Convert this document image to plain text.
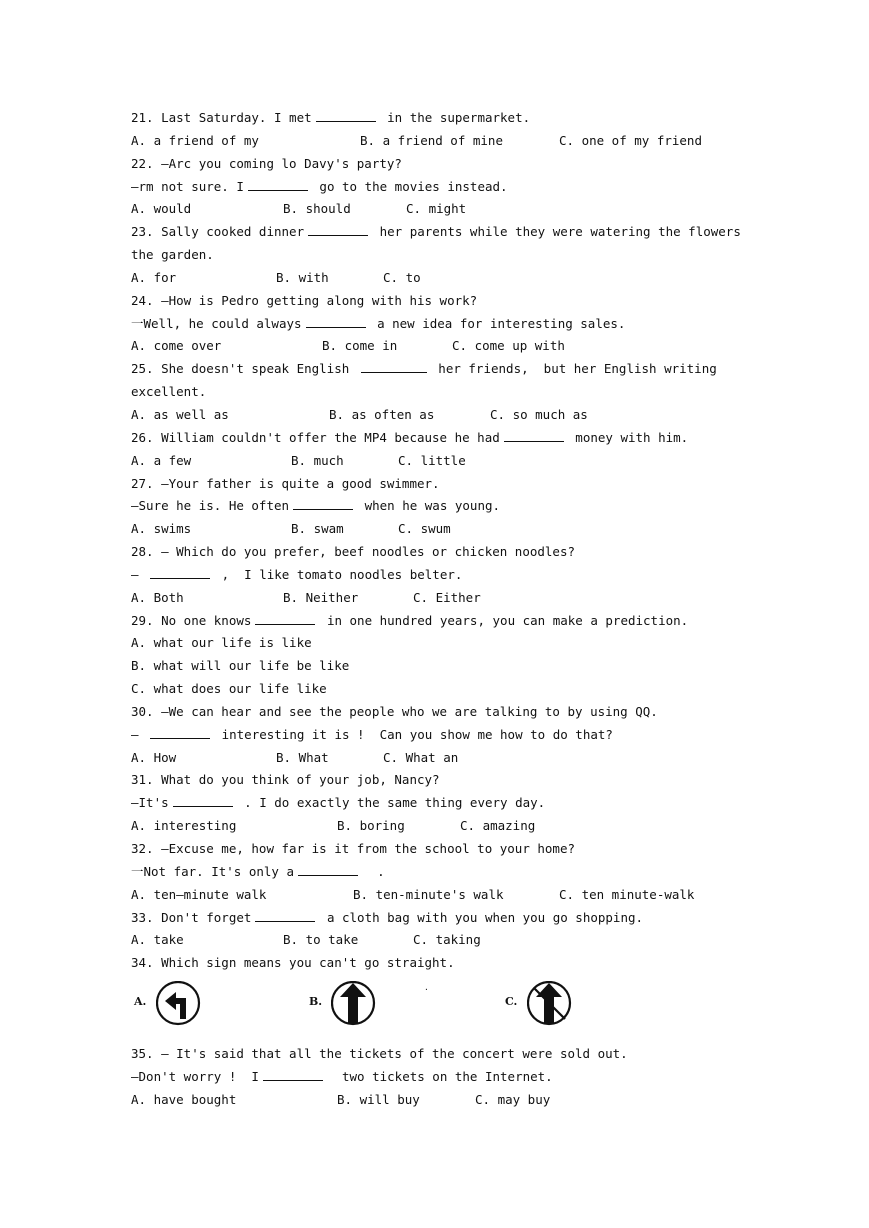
21. Last Saturday. I met	in the supermarket.
A. a friend of my	B. a friend of mine	C. one of my friend
22. —Arc you coming lo Davy's party?
—rm not sure. I	go to the movies instead.
A. would	B. should	C. might
23. Sally cooked dinner	her parents while they were watering the flowers
the garden.
A. for	B. with	C. to
24. —How is Pedro getting along with his work?
一Well, he could always	a new idea for interesting sales.
A. come over	B. come in	C. come up with
25. She doesn't speak English	her friends,  but her English writing
excellent.
A. as well as	B. as often as	C. so much as
26. William couldn't offer the MP4 because he had	money with him.
A. a few	B. much	C. little
27. —Your father is quite a good swimmer.
—Sure he is. He often	when he was young.
A. swims	B. swam	C. swum
28. — Which do you prefer, beef noodles or chicken noodles?
—	,  I like tomato noodles belter.
A. Both	B. Neither	C. Either
29. No one knows	in one hundred years, you can make a prediction.
A. what our life is like
B. what will our life be like
C. what does our life like
30. —We can hear and see the people who we are talking to by using QQ.
—	interesting it is !  Can you show me how to do that?
A. How	B. What	C. What an
31. What do you think of your job, Nancy?
—It's	. I do exactly the same thing every day.
A. interesting	B. boring	C. amazing
32. —Excuse me, how far is it from the school to your home?
一Not far. It's only a	.
A. ten—minute walk	B. ten-minute's walk	C. ten minute-walk
33. Don't forget	a cloth bag with you when you go shopping.
A. take	B. to take	C. taking
34. Which sign means you can't go straight.
A.	B.
·
C.
35. — It's said that all the tickets of the concert were sold out.
—Don't worry !  I	two tickets on the Internet.
A. have bought	B. will buy	C. may buy
